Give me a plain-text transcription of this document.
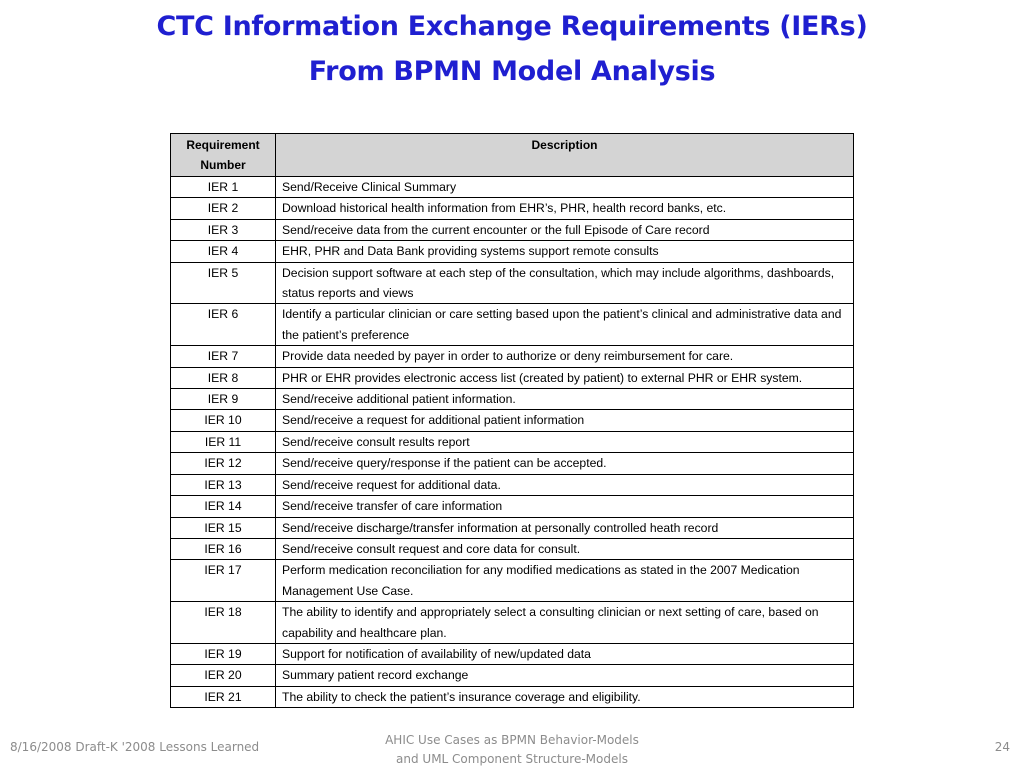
CTC Information Exchange Requirements (IERs)
From BPMN Model Analysis
Requirement Number	Description
IER 1	Send/Receive Clinical Summary
IER 2	Download historical health information from EHR’s, PHR, health record banks, etc.
IER 3	Send/receive data from the current encounter or the full Episode of Care record
IER 4	EHR, PHR and Data Bank providing systems support remote consults
IER 5	Decision support software at each step of the consultation, which may include algorithms, dashboards, status reports and views
IER 6	Identify a particular clinician or care setting based upon the patient’s clinical and administrative data and the patient’s preference
IER 7	Provide data needed by payer in order to authorize or deny reimbursement for care.
IER 8	PHR or EHR provides electronic access list (created by patient) to external PHR or EHR system.
IER 9	Send/receive additional patient information.
IER 10	Send/receive a request for additional patient information
IER 11	Send/receive consult results report
IER 12	Send/receive query/response if the patient can be accepted.
IER 13	Send/receive request for additional data.
IER 14	Send/receive transfer of care information
IER 15	Send/receive discharge/transfer information at personally controlled heath record
IER 16	Send/receive consult request and core data for consult.
IER 17	Perform medication reconciliation for any modified medications as stated in the 2007 Medication Management Use Case.
IER 18	The ability to identify and appropriately select a consulting clinician or next setting of care, based on capability and healthcare plan.
IER 19	Support for notification of availability of new/updated data
IER 20	Summary patient record exchange
IER 21	The ability to check the patient’s insurance coverage and eligibility.
8/16/2008 Draft-K '2008 Lessons Learned	AHIC Use Cases as BPMN Behavior-Models
and UML Component Structure-Models
24
